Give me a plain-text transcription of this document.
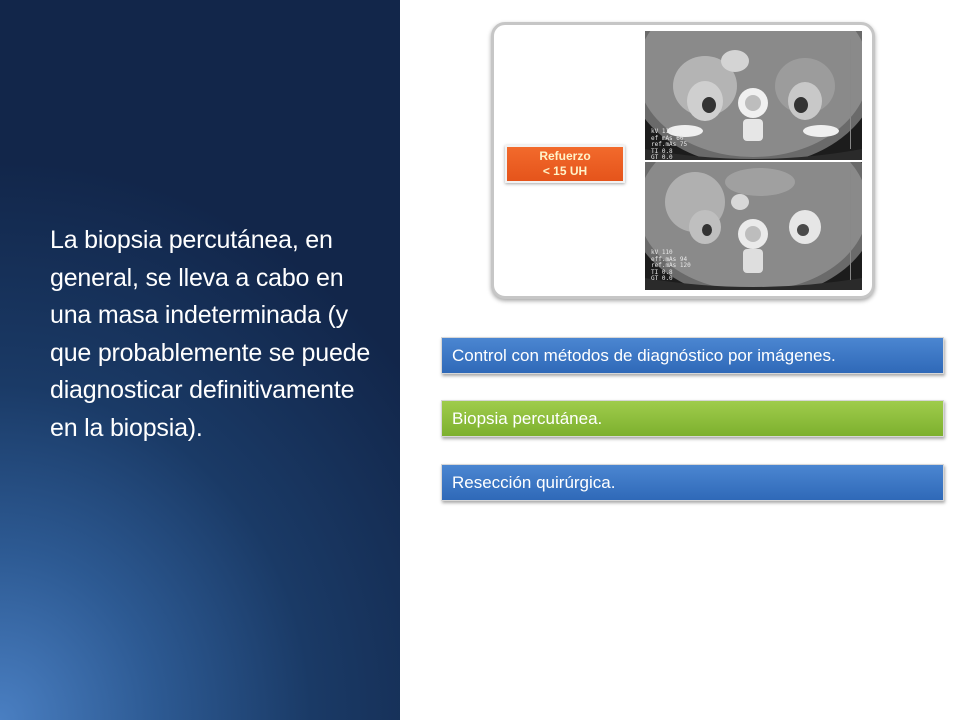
La biopsia percutánea, en general, se lleva a cabo en una masa indeterminada (y que probablemente se puede diagnosticar definitivamente en la biopsia).
kV 110
ef mAs 60
ref.mAs 75
TI 0.8
GT 0.0
kV 110
eff.mAs 94
ref.mAs 120
TI 0.8
GT 0.0
Refuerzo
< 15 UH
Control con métodos de diagnóstico por imágenes.
Biopsia percutánea.
Resección quirúrgica.
